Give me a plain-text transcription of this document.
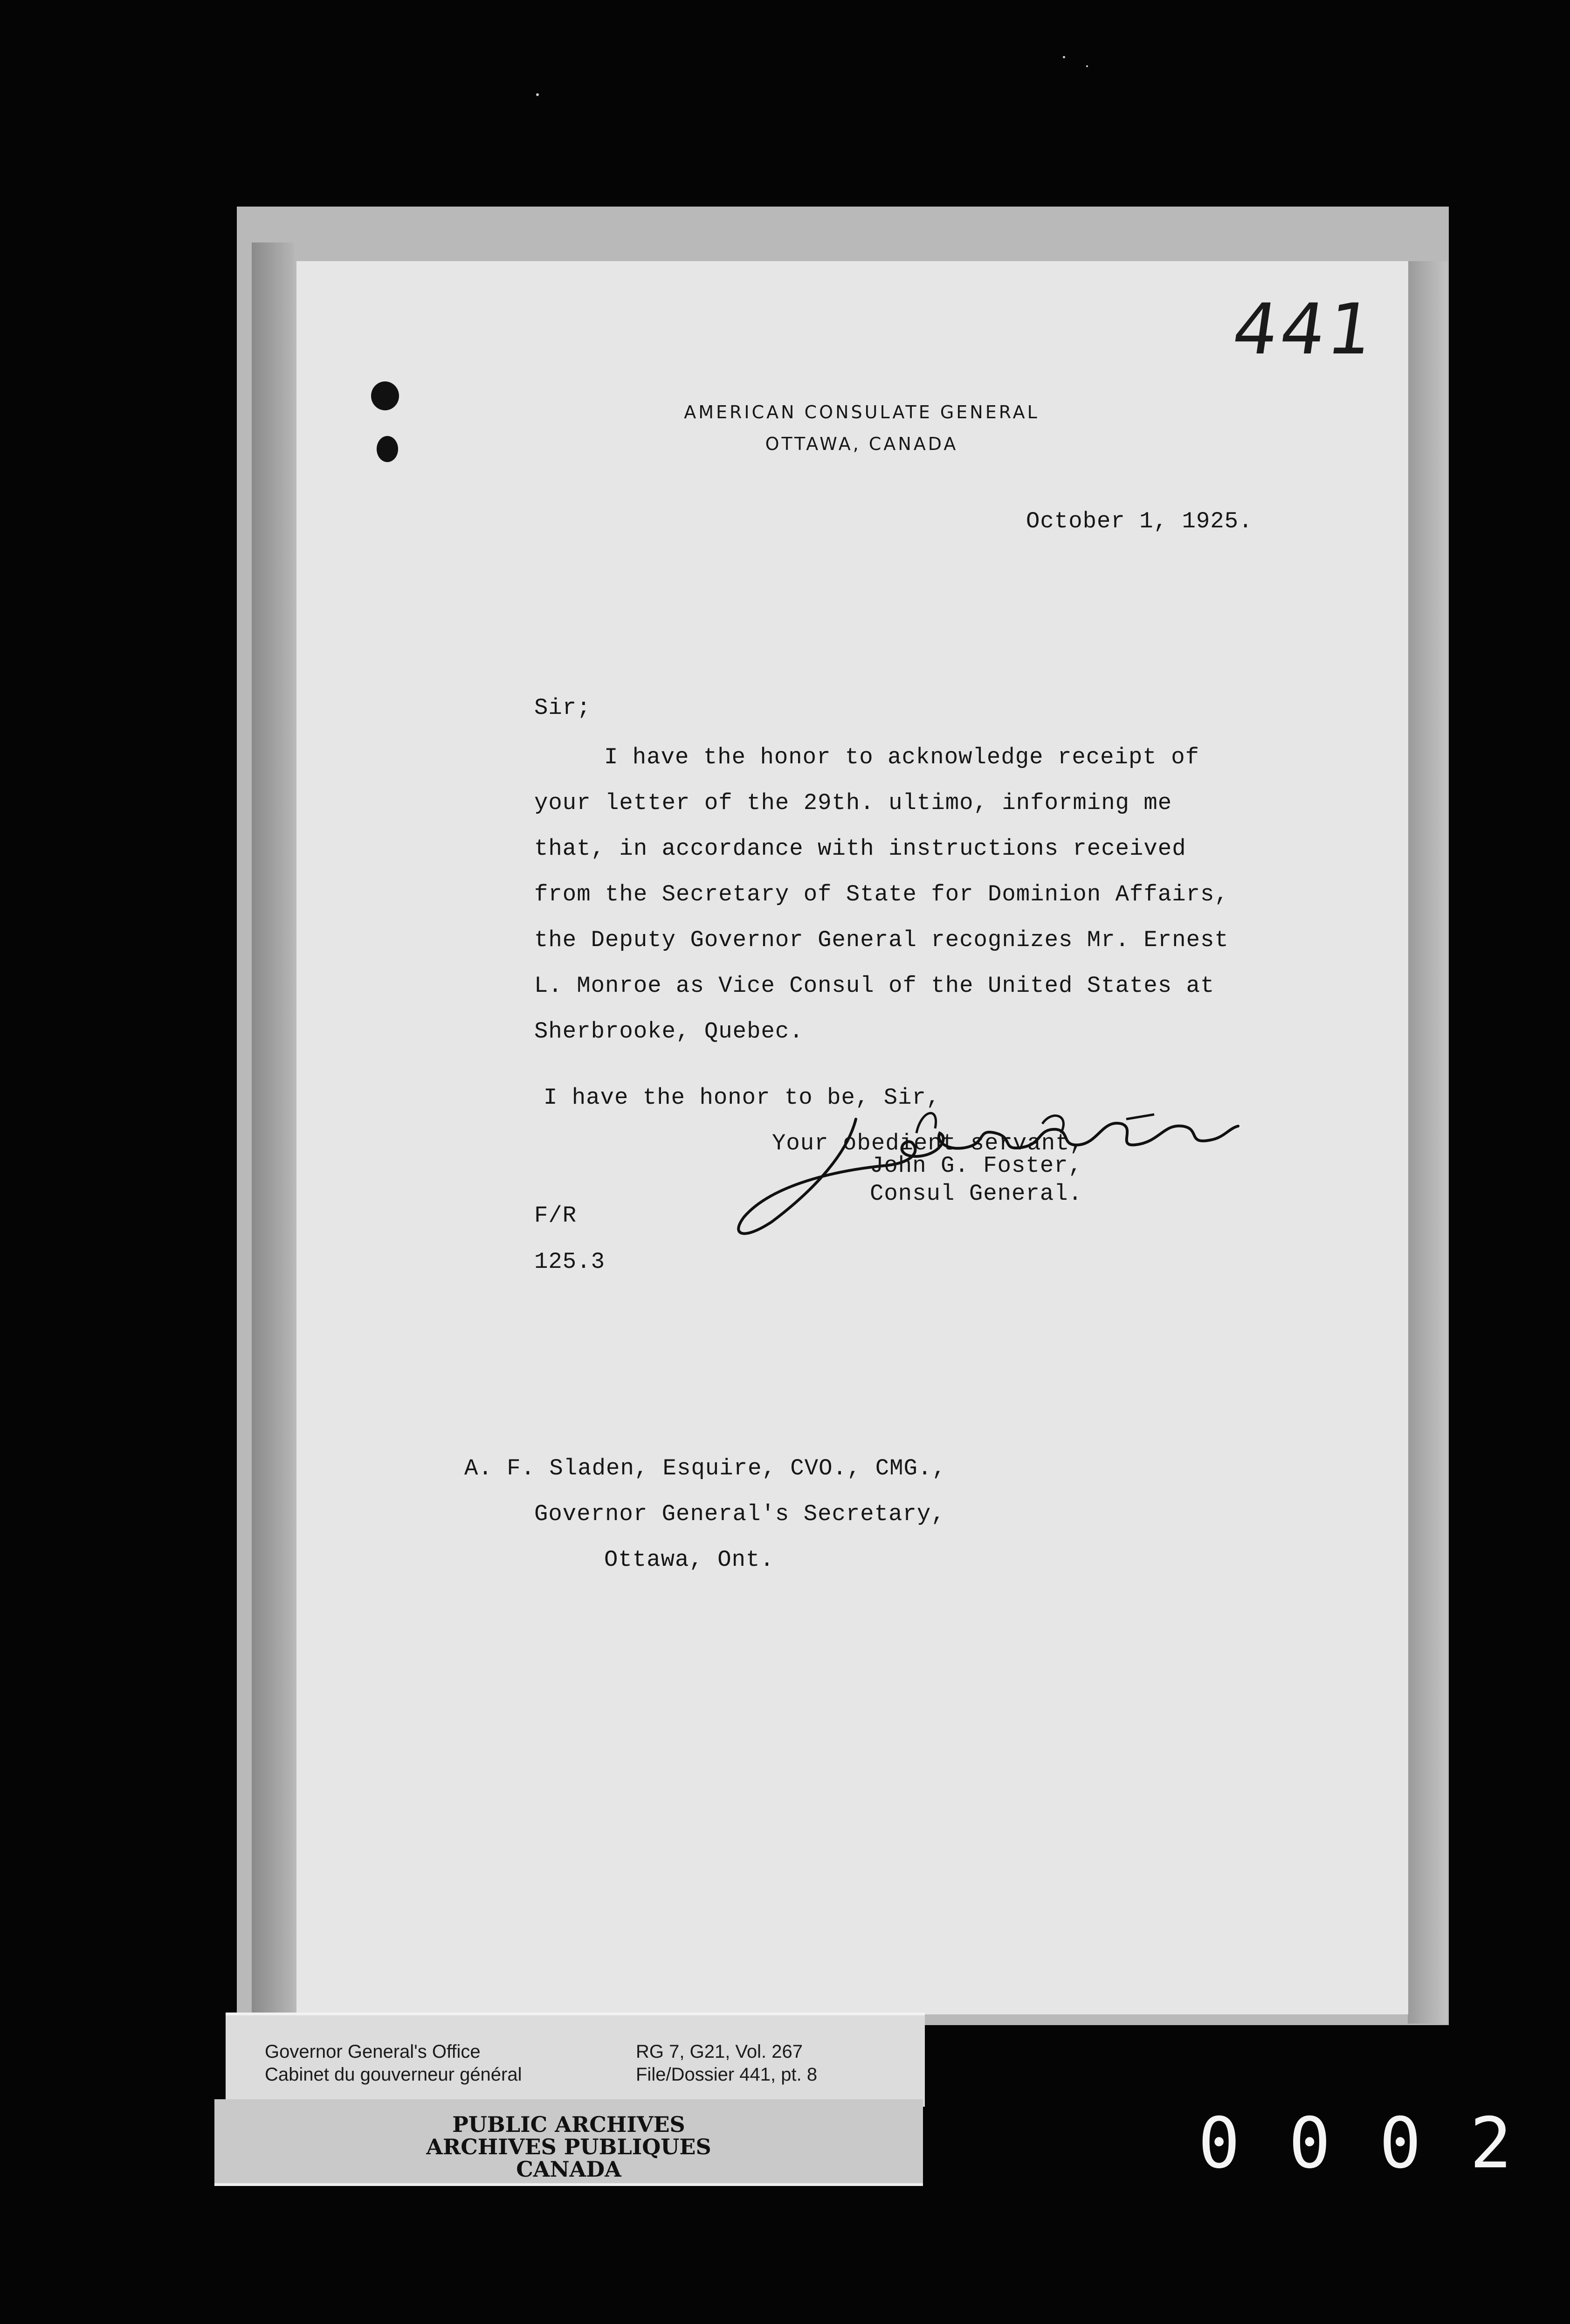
441
AMERICAN CONSULATE GENERAL
OTTAWA, CANADA
October 1, 1925.
Sir;
I have the honor to acknowledge receipt of
your letter of the 29th. ultimo, informing me
that, in accordance with instructions received
from the Secretary of State for Dominion Affairs,
the Deputy Governor General recognizes Mr. Ernest
L. Monroe as Vice Consul of the United States at
Sherbrooke, Quebec.
I have the honor to be, Sir,
Your obedient servant,
John G. Foster,
Consul General.
F/R
125.3
A. F. Sladen, Esquire, CVO., CMG.,
Governor General's Secretary,
Ottawa, Ont.
Governor General's Office
Cabinet du gouverneur général
RG 7, G21, Vol. 267
File/Dossier 441, pt. 8
PUBLIC ARCHIVES
ARCHIVES PUBLIQUES
CANADA	0002
